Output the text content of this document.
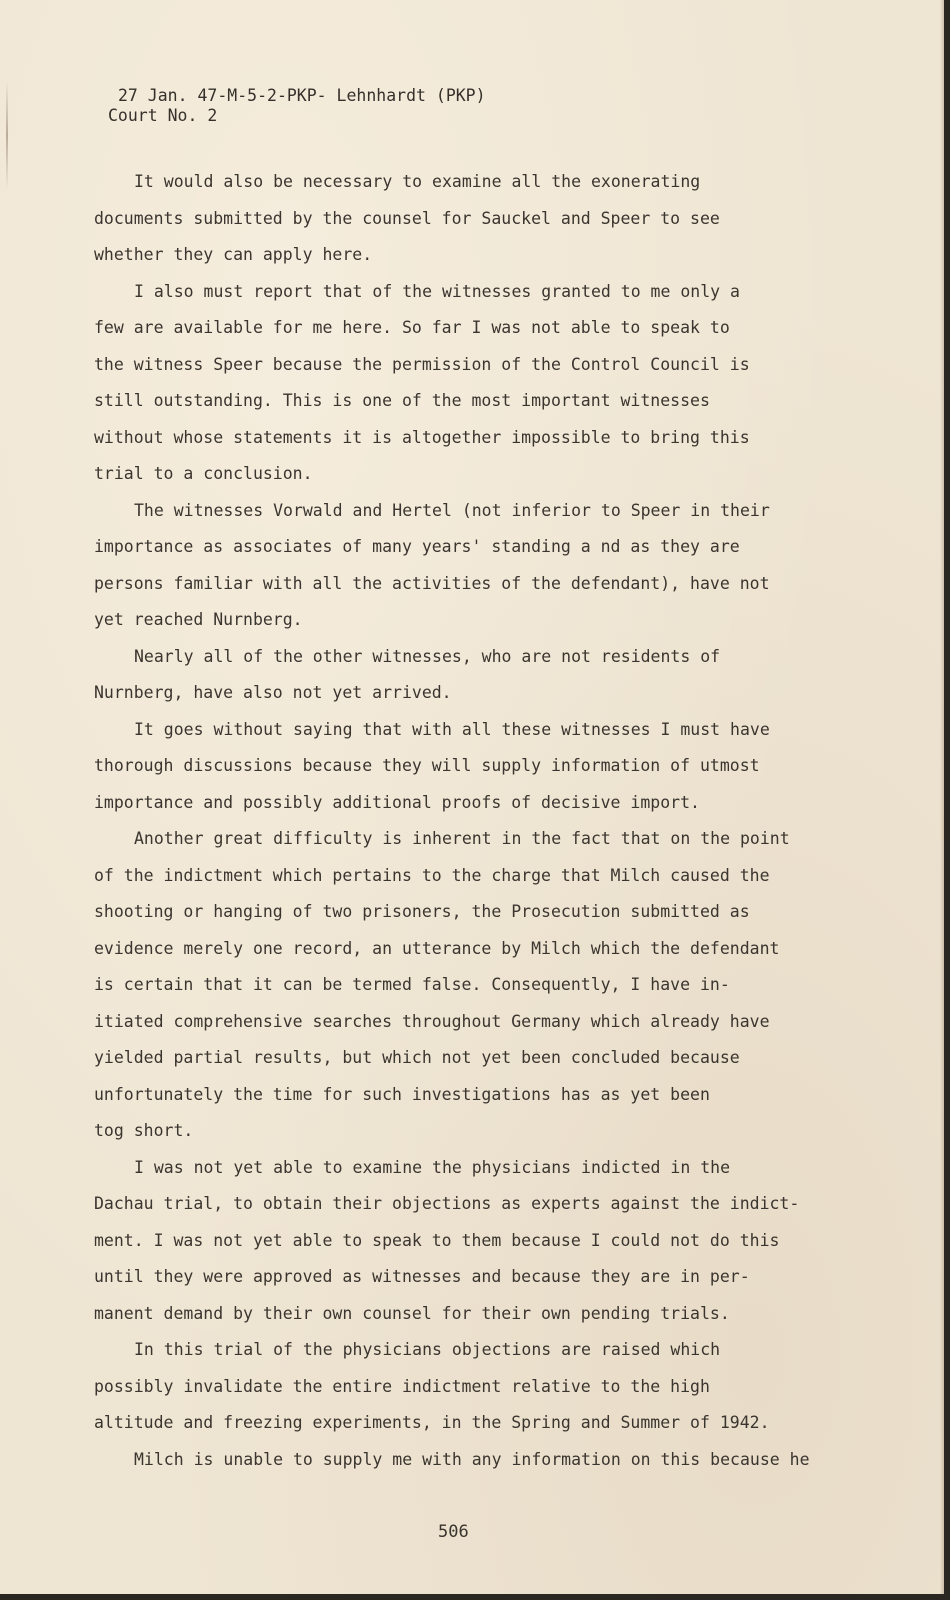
27 Jan. 47-M-5-2-PKP- Lehnhardt (PKP)
Court No. 2
It would also be necessary to examine all the exonerating
documents submitted by the counsel for Sauckel and Speer to see
whether they can apply here.
I also must report that of the witnesses granted to me only a
few are available for me here. So far I was not able to speak to
the witness Speer because the permission of the Control Council is
still outstanding. This is one of the most important witnesses
without whose statements it is altogether impossible to bring this
trial to a conclusion.
The witnesses Vorwald and Hertel (not inferior to Speer in their
importance as associates of many years' standing a nd as they are
persons familiar with all the activities of the defendant), have not
yet reached Nurnberg.
Nearly all of the other witnesses, who are not residents of
Nurnberg, have also not yet arrived.
It goes without saying that with all these witnesses I must have
thorough discussions because they will supply information of utmost
importance and possibly additional proofs of decisive import.
Another great difficulty is inherent in the fact that on the point
of the indictment which pertains to the charge that Milch caused the
shooting or hanging of two prisoners, the Prosecution submitted as
evidence merely one record, an utterance by Milch which the defendant
is certain that it can be termed false. Consequently, I have in-
itiated comprehensive searches throughout Germany which already have
yielded partial results, but which not yet been concluded because
unfortunately the time for such investigations has as yet been
tog short.
I was not yet able to examine the physicians indicted in the
Dachau trial, to obtain their objections as experts against the indict-
ment. I was not yet able to speak to them because I could not do this
until they were approved as witnesses and because they are in per-
manent demand by their own counsel for their own pending trials.
In this trial of the physicians objections are raised which
possibly invalidate the entire indictment relative to the high
altitude and freezing experiments, in the Spring and Summer of 1942.
Milch is unable to supply me with any information on this because he
506
